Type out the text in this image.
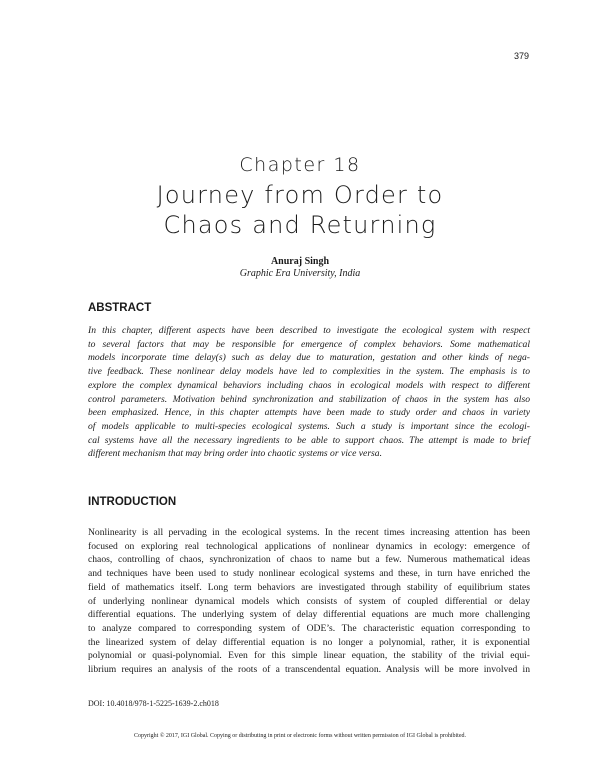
379
Chapter 18
Journey from Order to
Chaos and Returning
Anuraj Singh
Graphic Era University, India
ABSTRACT
In this chapter, different aspects have been described to investigate the ecological system with respect
to several factors that may be responsible for emergence of complex behaviors. Some mathematical
models incorporate time delay(s) such as delay due to maturation, gestation and other kinds of nega-
tive feedback. These nonlinear delay models have led to complexities in the system. The emphasis is to
explore the complex dynamical behaviors including chaos in ecological models with respect to different
control parameters. Motivation behind synchronization and stabilization of chaos in the system has also
been emphasized. Hence, in this chapter attempts have been made to study order and chaos in variety
of models applicable to multi-species ecological systems. Such a study is important since the ecologi-
cal systems have all the necessary ingredients to be able to support chaos. The attempt is made to brief
different mechanism that may bring order into chaotic systems or vice versa.
INTRODUCTION
Nonlinearity is all pervading in the ecological systems. In the recent times increasing attention has been
focused on exploring real technological applications of nonlinear dynamics in ecology: emergence of
chaos, controlling of chaos, synchronization of chaos to name but a few. Numerous mathematical ideas
and techniques have been used to study nonlinear ecological systems and these, in turn have enriched the
field of mathematics itself. Long term behaviors are investigated through stability of equilibrium states
of underlying nonlinear dynamical models which consists of system of coupled differential or delay
differential equations. The underlying system of delay differential equations are much more challenging
to analyze compared to corresponding system of ODE’s. The characteristic equation corresponding to
the linearized system of delay differential equation is no longer a polynomial, rather, it is exponential
polynomial or quasi-polynomial. Even for this simple linear equation, the stability of the trivial equi-
librium requires an analysis of the roots of a transcendental equation. Analysis will be more involved in
DOI: 10.4018/978-1-5225-1639-2.ch018
Copyright © 2017, IGI Global. Copying or distributing in print or electronic forms without written permission of IGI Global is prohibited.
